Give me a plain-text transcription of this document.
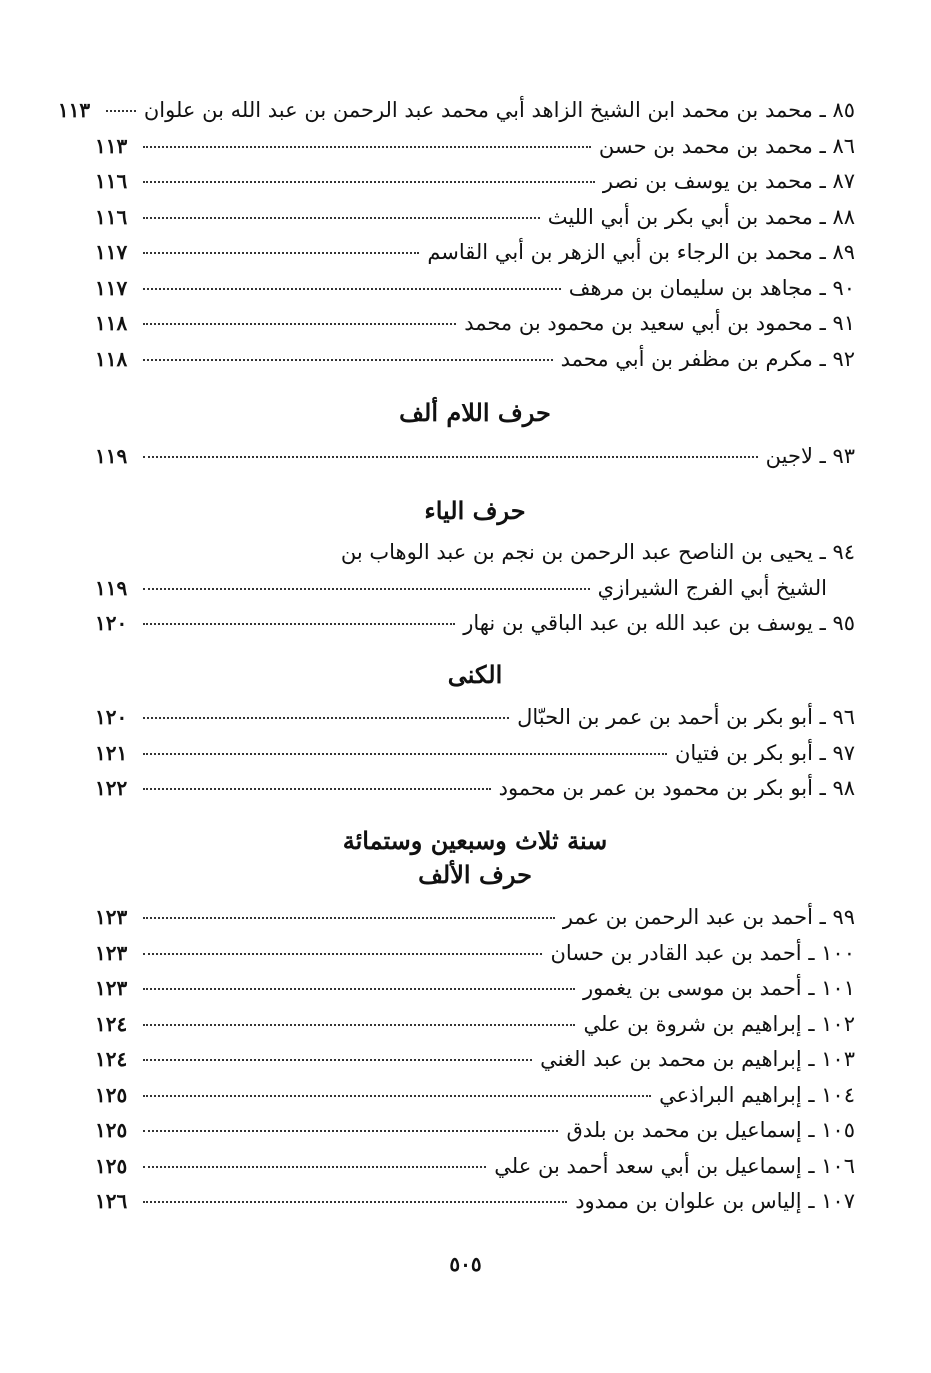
٨٥ ـ محمد بن محمد ابن الشيخ الزاهد أبي محمد عبد الرحمن بن عبد الله بن علوان
١١٣
٨٦ ـ محمد بن محمد بن حسن
١١٣
٨٧ ـ محمد بن يوسف بن نصر
١١٦
٨٨ ـ محمد بن أبي بكر بن أبي الليث
١١٦
٨٩ ـ محمد بن الرجاء بن أبي الزهر بن أبي القاسم
١١٧
٩٠ ـ مجاهد بن سليمان بن مرهف
١١٧
٩١ ـ محمود بن أبي سعيد بن محمود بن محمد
١١٨
٩٢ ـ مكرم بن مظفر بن أبي محمد
١١٨
حرف اللام ألف
٩٣ ـ لاجين
١١٩
حرف الياء
٩٤ ـ يحيى بن الناصح عبد الرحمن بن نجم بن عبد الوهاب بن
الشيخ أبي الفرج الشيرازي
١١٩
٩٥ ـ يوسف بن عبد الله بن عبد الباقي بن نهار
١٢٠
الكنى
٩٦ ـ أبو بكر بن أحمد بن عمر بن الحبّال
١٢٠
٩٧ ـ أبو بكر بن فتيان
١٢١
٩٨ ـ أبو بكر بن محمود بن عمر بن محمود
١٢٢
سنة ثلاث وسبعين وستمائة
حرف الألف
٩٩ ـ أحمد بن عبد الرحمن بن عمر
١٢٣
١٠٠ ـ أحمد بن عبد القادر بن حسان
١٢٣
١٠١ ـ أحمد بن موسى بن يغمور
١٢٣
١٠٢ ـ إبراهيم بن شروة بن علي
١٢٤
١٠٣ ـ إبراهيم بن محمد بن عبد الغني
١٢٤
١٠٤ ـ إبراهيم البراذعي
١٢٥
١٠٥ ـ إسماعيل بن محمد بن بلدق
١٢٥
١٠٦ ـ إسماعيل بن أبي سعد أحمد بن علي
١٢٥
١٠٧ ـ إلياس بن علوان بن ممدود
١٢٦
٥٠٥
